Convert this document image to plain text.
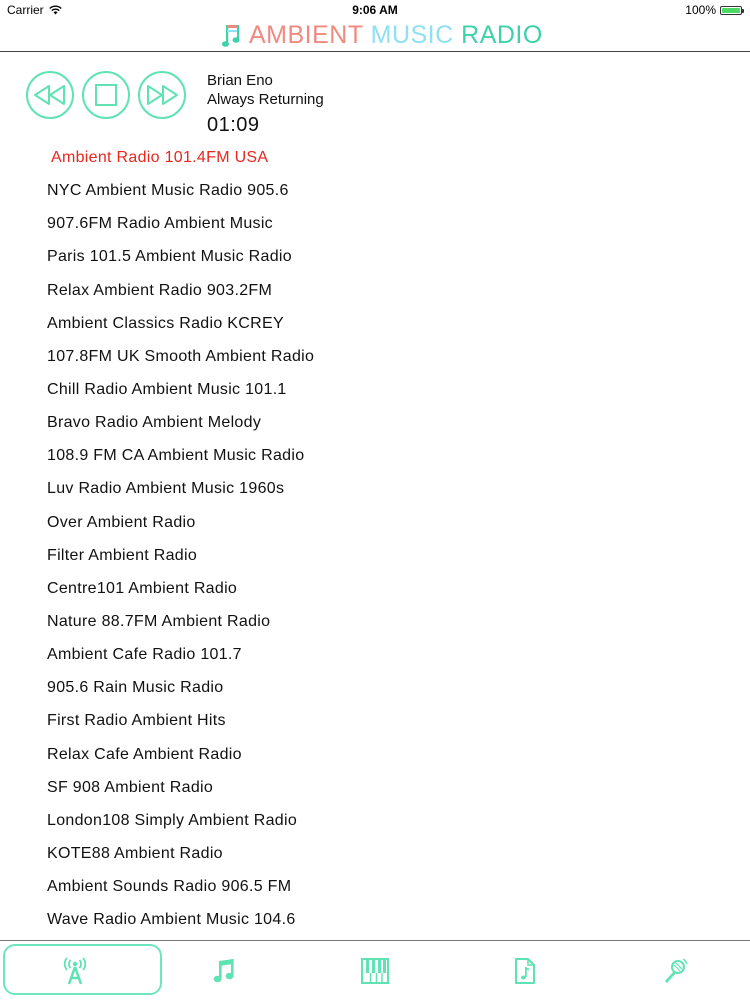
Carrier	9:06 AM	100%
AMBIENT MUSIC RADIO
Brian Eno
Always Returning
01:09
Ambient Radio 101.4FM USA
NYC Ambient Music Radio 905.6
907.6FM Radio Ambient Music
Paris 101.5 Ambient Music Radio
Relax Ambient Radio 903.2FM
Ambient Classics Radio KCREY
107.8FM UK Smooth Ambient Radio
Chill Radio Ambient Music 101.1
Bravo Radio Ambient Melody
108.9 FM CA Ambient Music Radio
Luv Radio Ambient Music 1960s
Over Ambient Radio
Filter Ambient Radio
Centre101 Ambient Radio
Nature 88.7FM Ambient Radio
Ambient Cafe Radio 101.7
905.6 Rain Music Radio
First Radio Ambient Hits
Relax Cafe Ambient Radio
SF 908 Ambient Radio
London108 Simply Ambient Radio
KOTE88 Ambient Radio
Ambient Sounds Radio 906.5 FM
Wave Radio Ambient Music 104.6
